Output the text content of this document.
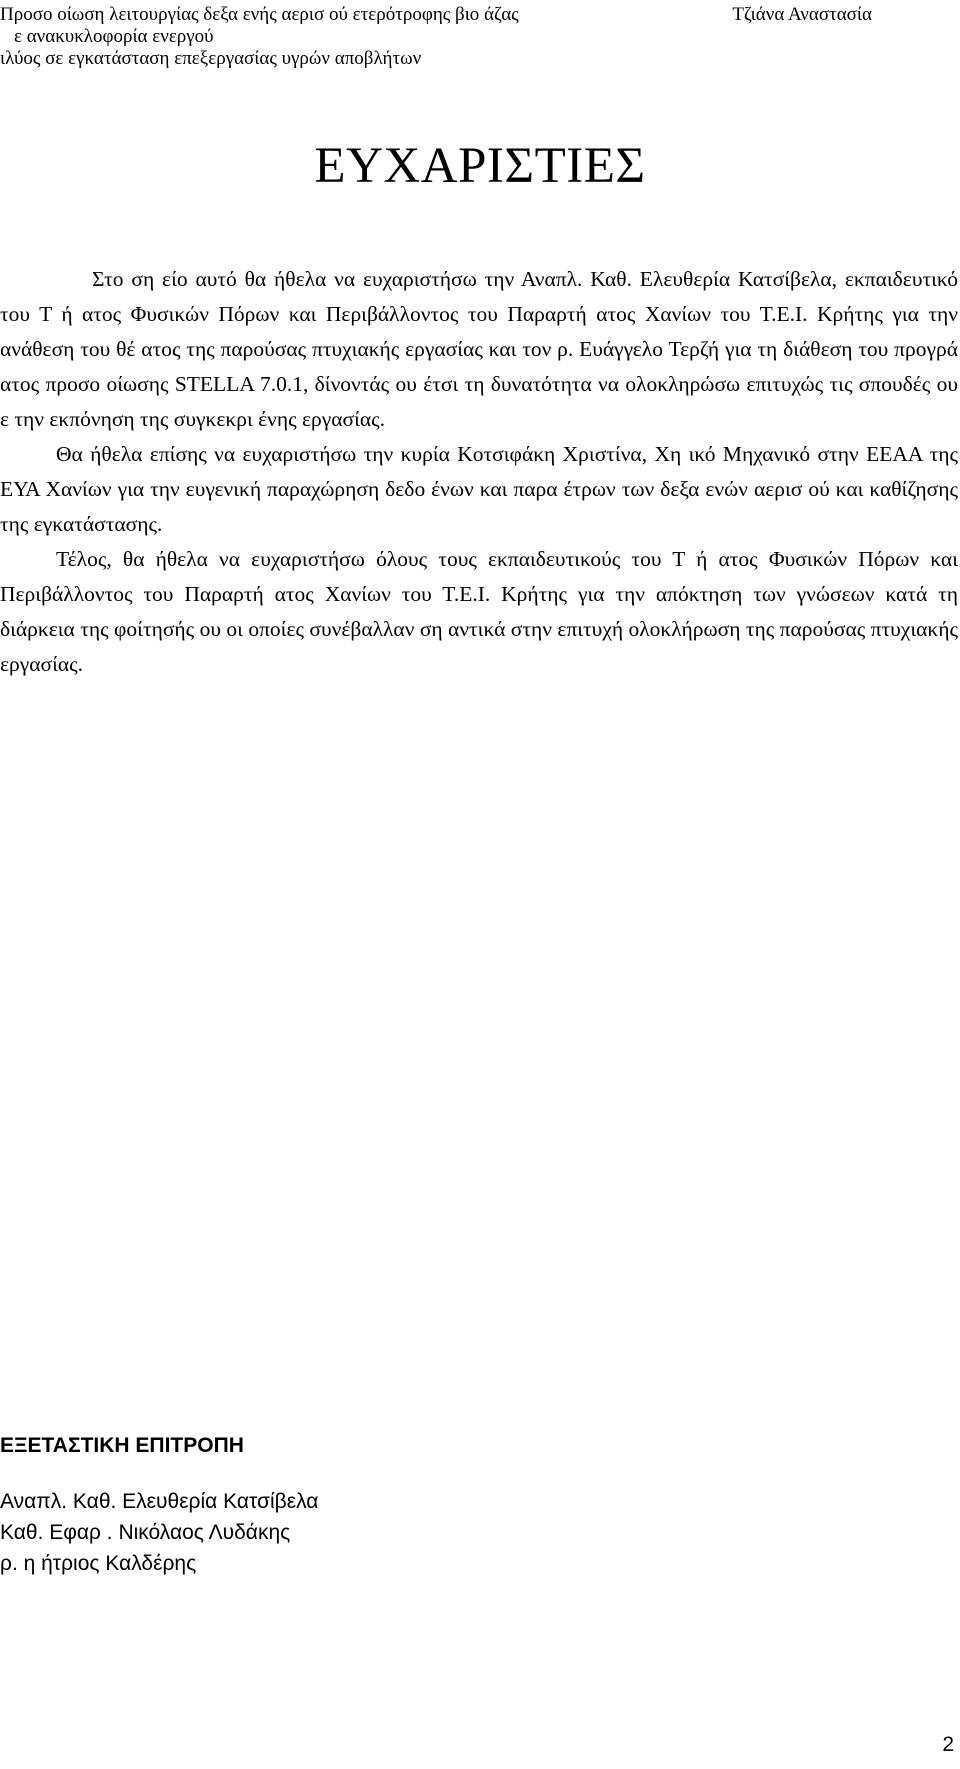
Προσο οίωση λειτουργίας δεξα ενής αερισ ού ετερότροφης βιο άζας
ε ανακυκλοφορία ενεργού
ιλύος σε εγκατάσταση επεξεργασίας υγρών αποβλήτων
Τζιάνα Αναστασία
ΕΥΧΑΡΙΣΤΙΕΣ

Στο ση είο αυτό θα ήθελα να ευχαριστήσω την Αναπλ. Καθ. Ελευθερία Κατσίβελα, εκπαιδευτικό του Τ ή ατος Φυσικών Πόρων και Περιβάλλοντος του Παραρτή ατος Χανίων του Τ.Ε.Ι. Κρήτης για την ανάθεση του θέ ατος της παρούσας πτυχιακής εργασίας και τον ρ. Ευάγγελο Τερζή για τη διάθεση του προγρά ατος προσο οίωσης STELLA 7.0.1, δίνοντάς ου έτσι τη δυνατότητα να ολοκληρώσω επιτυχώς τις σπουδές ου ε την εκπόνηση της συγκεκρι ένης εργασίας.

Θα ήθελα επίσης να ευχαριστήσω την κυρία Κοτσιφάκη Χριστίνα, Χη ικό Μηχανικό στην ΕΕΑΑ της ΕΥΑ Χανίων για την ευγενική παραχώρηση δεδο ένων και παρα έτρων των δεξα ενών αερισ ού και καθίζησης της εγκατάστασης.

Τέλος, θα ήθελα να ευχαριστήσω όλους τους εκπαιδευτικούς του Τ ή ατος Φυσικών Πόρων και Περιβάλλοντος του Παραρτή ατος Χανίων του Τ.Ε.Ι. Κρήτης για την απόκτηση των γνώσεων κατά τη διάρκεια της φοίτησής ου οι οποίες συνέβαλλαν ση αντικά στην επιτυχή ολοκλήρωση της παρούσας πτυχιακής εργασίας.

ΕΞΕΤΑΣΤΙΚΗ ΕΠΙΤΡΟΠΗ
Αναπλ. Καθ. Ελευθερία Κατσίβελα
Καθ. Εφαρ . Νικόλαος Λυδάκης
ρ. η ήτριος Καλδέρης
2
